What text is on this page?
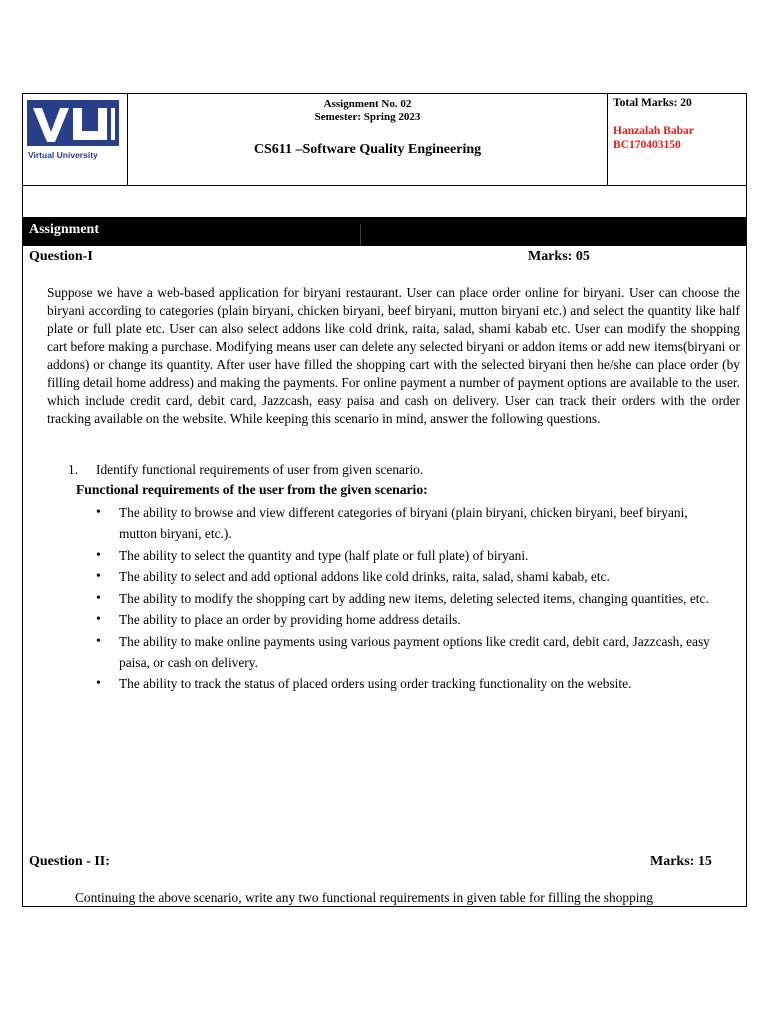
Virtual University
Assignment No. 02
Semester: Spring 2023
CS611 –Software Quality Engineering
Total Marks: 20
Hanzalah Babar
BC170403150
Assignment
Question-I	Marks: 05

Suppose we have a web-based application for biryani restaurant. User can place order online for biryani. User can choose the biryani according to categories (plain biryani, chicken biryani, beef biryani, mutton biryani etc.) and select the quantity like half plate or full plate etc. User can also select addons like cold drink, raita, salad, shami kabab etc. User can modify the shopping cart before making a purchase. Modifying means user can delete any selected biryani or addon items or add new items(biryani or addons) or change its quantity. After user have filled the shopping cart with the selected biryani then he/she can place order (by filling detail home address) and making the payments. For online payment a number of payment options are available to the user. which include credit card, debit card, Jazzcash, easy paisa and cash on delivery. User can track their orders with the order tracking available on the website. While keeping this scenario in mind, answer the following questions.

1. Identify functional requirements of user from given scenario.
Functional requirements of the user from the given scenario:
• The ability to browse and view different categories of biryani (plain biryani, chicken biryani, beef biryani, mutton biryani, etc.).
• The ability to select the quantity and type (half plate or full plate) of biryani.
• The ability to select and add optional addons like cold drinks, raita, salad, shami kabab, etc.
• The ability to modify the shopping cart by adding new items, deleting selected items, changing quantities, etc.
• The ability to place an order by providing home address details.
• The ability to make online payments using various payment options like credit card, debit card, Jazzcash, easy paisa, or cash on delivery.
• The ability to track the status of placed orders using order tracking functionality on the website.
Question - II:	Marks: 15
Continuing the above scenario, write any two functional requirements in given table for filling the shopping
